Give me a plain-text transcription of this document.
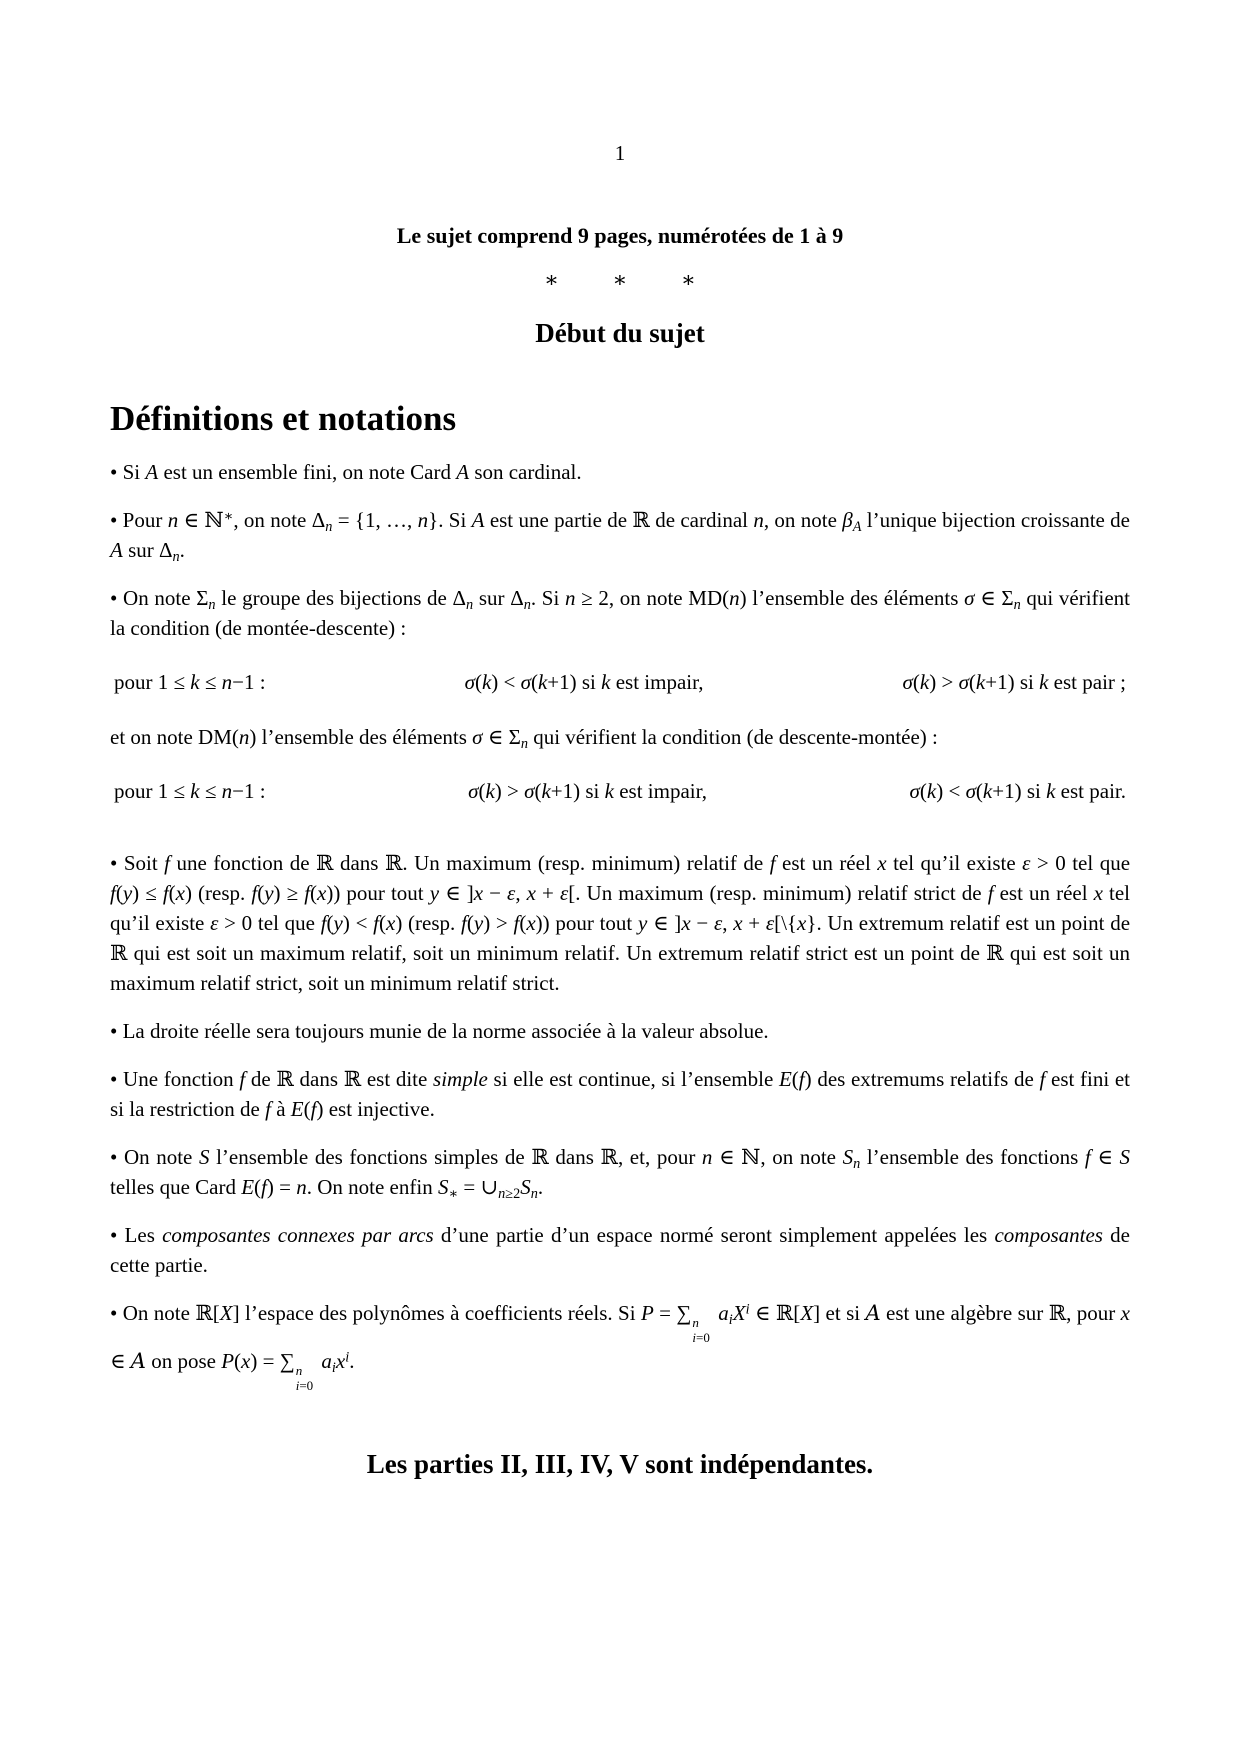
1
Le sujet comprend 9 pages, numérotées de 1 à 9
∗ ∗ ∗
Début du sujet
Définitions et notations

• Si A est un ensemble fini, on note Card A son cardinal.

• Pour n ∈ ℕ∗, on note $\Delta_n = \{1$, …, n}. Si A est une partie de ℝ de cardinal n, on note $\beta_A$ l’unique bijection croissante de A sur $\Delta_n$.

• On note $\Sigma_n$ le groupe des bijections de $\Delta_n$ sur $\Delta_n$. Si n ≥ 2, on note MD(n) l’ensemble des éléments σ ∈ $\Sigma_n$ qui vérifient la condition (de montée-descente) :

pour 1 ≤ k ≤ n−1 :	σ(k) < σ(k+1) si k est impair,	σ(k) > σ(k+1) si k est pair ;

et on note DM(n) l’ensemble des éléments σ ∈ $\Sigma_n$ qui vérifient la condition (de descente-montée) :

pour 1 ≤ k ≤ n−1 :	σ(k) > σ(k+1) si k est impair,	σ(k) < σ(k+1) si k est pair.

• Soit f une fonction de ℝ dans ℝ. Un maximum (resp. minimum) relatif de f est un réel x tel qu’il existe ε > 0 tel que f(y) ≤ f(x) (resp. f(y) ≥ f(x)) pour tout y ∈ ]x − ε, x + ε[. Un maximum (resp. minimum) relatif strict de f est un réel x tel qu’il existe ε > 0 tel que f(y) < f(x) (resp. f(y) > f(x)) pour tout y ∈ ]x − ε, x + ε[\{x}. Un extremum relatif est un point de ℝ qui est soit un maximum relatif, soit un minimum relatif. Un extremum relatif strict est un point de ℝ qui est soit un maximum relatif strict, soit un minimum relatif strict.

• La droite réelle sera toujours munie de la norme associée à la valeur absolue.

• Une fonction f de ℝ dans ℝ est dite simple si elle est continue, si l’ensemble E(f) des extremums relatifs de f est fini et si la restriction de f à E(f) est injective.

• On note S l’ensemble des fonctions simples de ℝ dans ℝ, et, pour n ∈ ℕ, on note $S_n$ l’ensemble des fonctions f ∈ S telles que Card E(f) = n. On note enfin $S_∗$ = $\cup_{n\ge 2}S_n$.

• Les composantes connexes par arcs d’une partie d’un espace normé seront simplement appelées les composantes de cette partie.

• On note ℝ[X] l’espace des polynômes à coefficients réels. Si P = ∑ n
i=0
$a_iX^i$ ∈ ℝ[X] et si A est une algèbre sur ℝ, pour x ∈ A on pose P(x) = ∑ n
i=0
$a_ix^i$.

Les parties II, III, IV, V sont indépendantes.
